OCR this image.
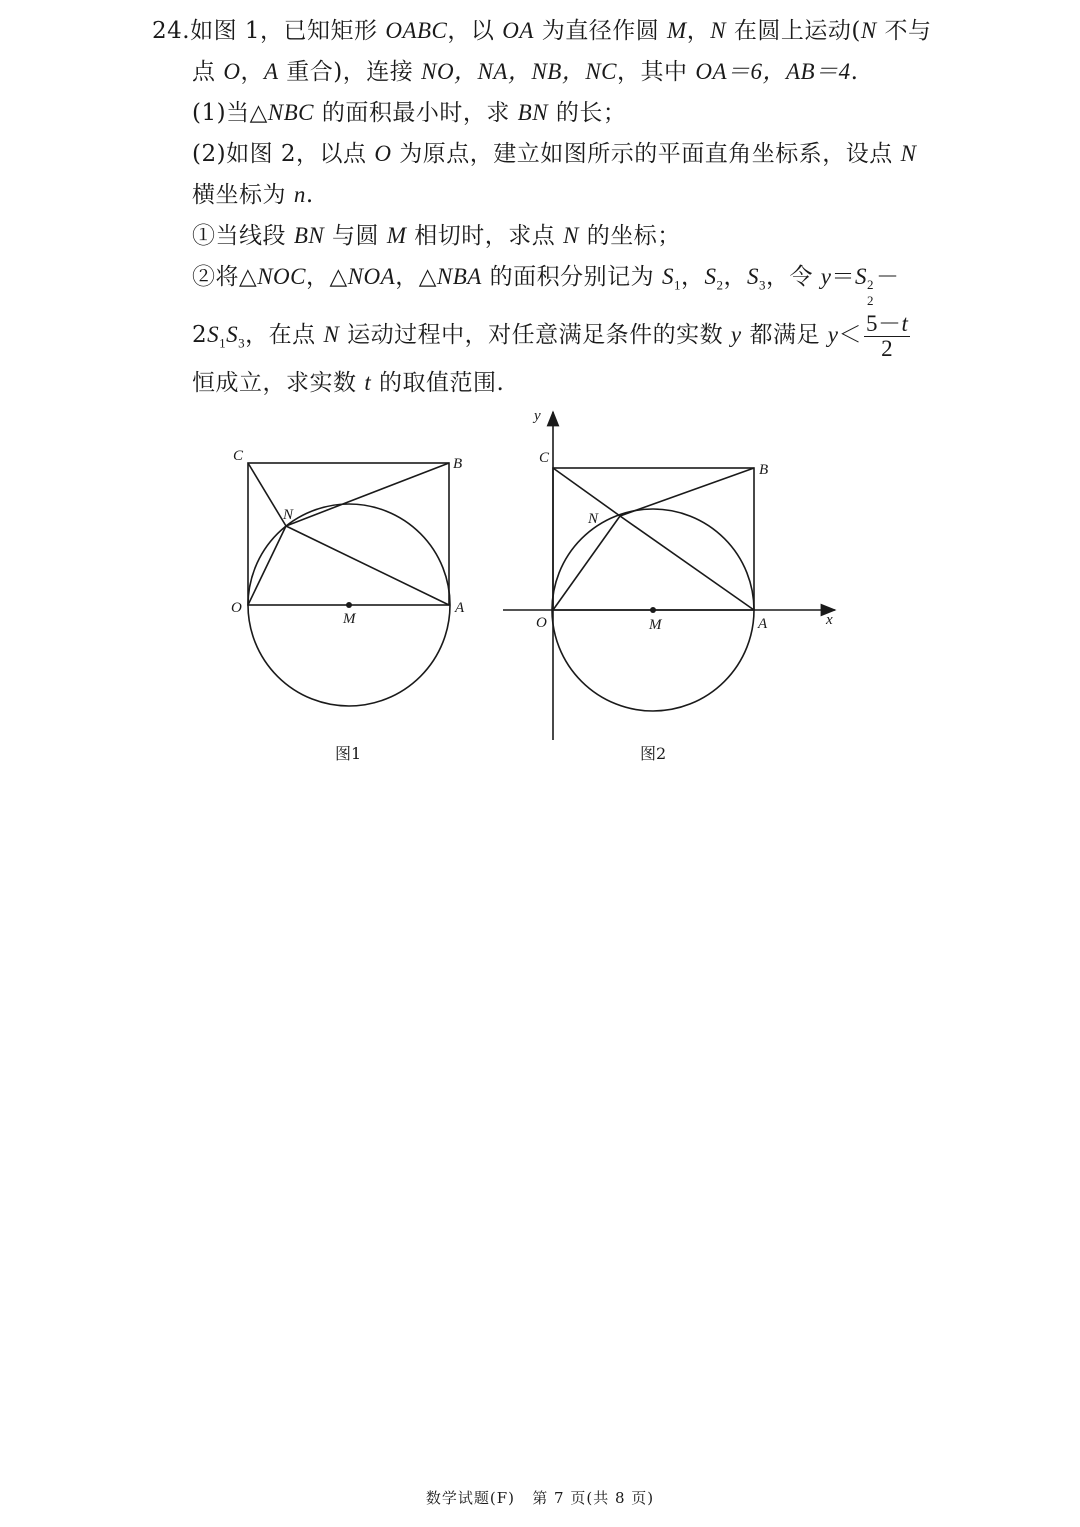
24.如图 1，已知矩形 OABC，以 OA 为直径作圆 M，N 在圆上运动(N 不与
点 O，A 重合)，连接 NO，NA，NB，NC，其中 OA＝6，AB＝4.
(1)当△NBC 的面积最小时，求 BN 的长；
(2)如图 2，以点 O 为原点，建立如图所示的平面直角坐标系，设点 N
横坐标为 n.
①当线段 BN 与圆 M 相切时，求点 N 的坐标；
②将△NOC，△NOA，△NBA 的面积分别记为 $S_1$，$S_2$，$S_3$，令 y＝S 2
2
－
$2S_1S_3$，在点 N 运动过程中，对任意满足条件的实数 y 都满足 $y< \frac{5-t}{2}$
恒成立，求实数 t 的取值范围.
C	B
N
O
M
A
C
B
N
O	M	A	x
y
图1	图2
数学试题(F) 第 7 页(共 8 页)
